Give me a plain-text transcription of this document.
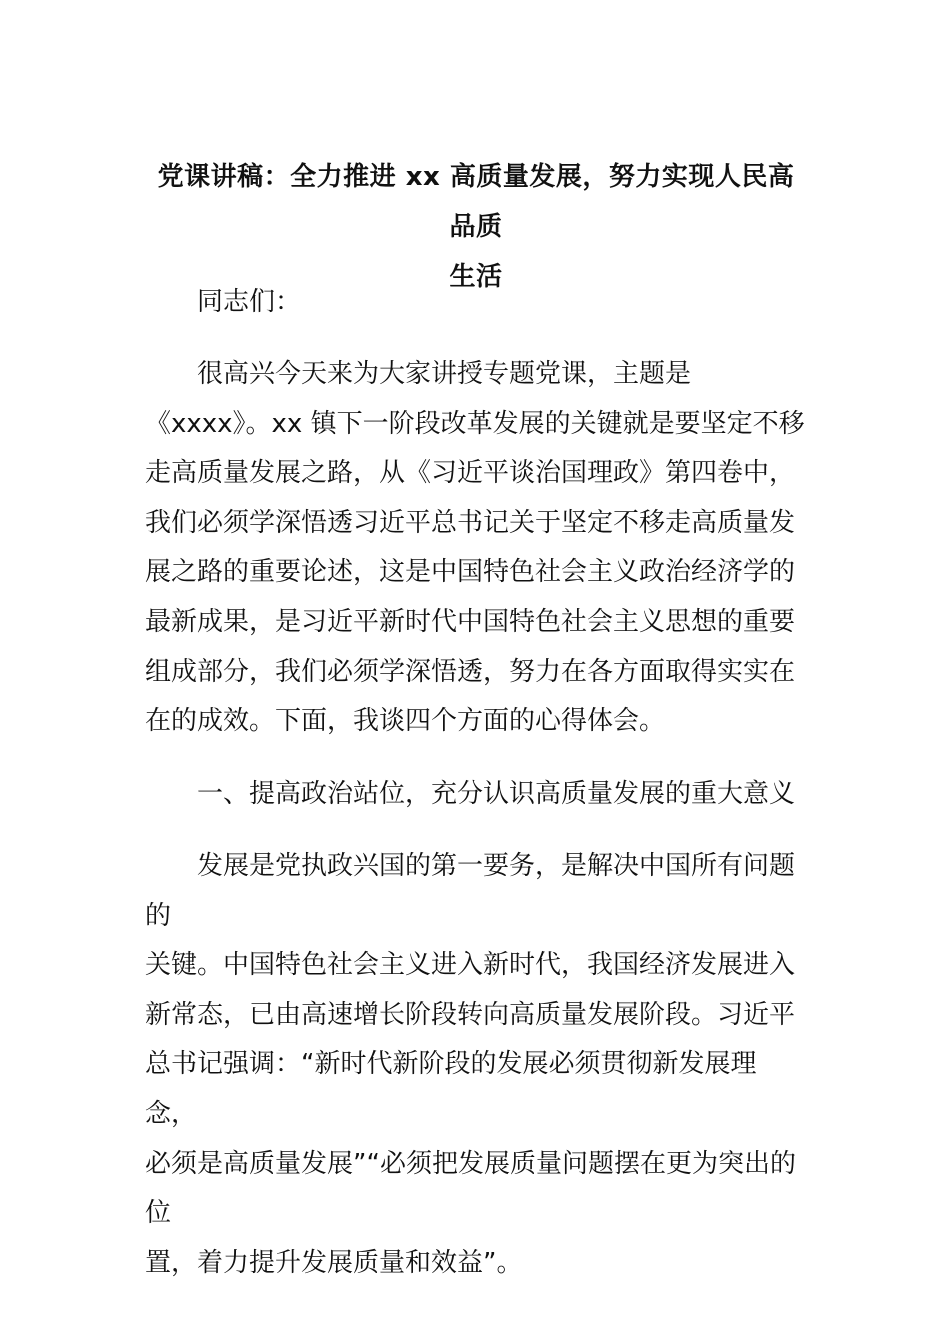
党课讲稿：全力推进 xx 高质量发展，努力实现人民高品质
生活

同志们：

很高兴今天来为大家讲授专题党课，主题是
《xxxx》。xx 镇下一阶段改革发展的关键就是要坚定不移
走高质量发展之路，从《习近平谈治国理政》第四卷中，
我们必须学深悟透习近平总书记关于坚定不移走高质量发
展之路的重要论述，这是中国特色社会主义政治经济学的
最新成果，是习近平新时代中国特色社会主义思想的重要
组成部分，我们必须学深悟透，努力在各方面取得实实在
在的成效。下面，我谈四个方面的心得体会。

一、提高政治站位，充分认识高质量发展的重大意义

发展是党执政兴国的第一要务，是解决中国所有问题的
关键。中国特色社会主义进入新时代，我国经济发展进入
新常态，已由高速增长阶段转向高质量发展阶段。习近平
总书记强调：“新时代新阶段的发展必须贯彻新发展理念，
必须是高质量发展”“必须把发展质量问题摆在更为突出的位
置，着力提升发展质量和效益”。
